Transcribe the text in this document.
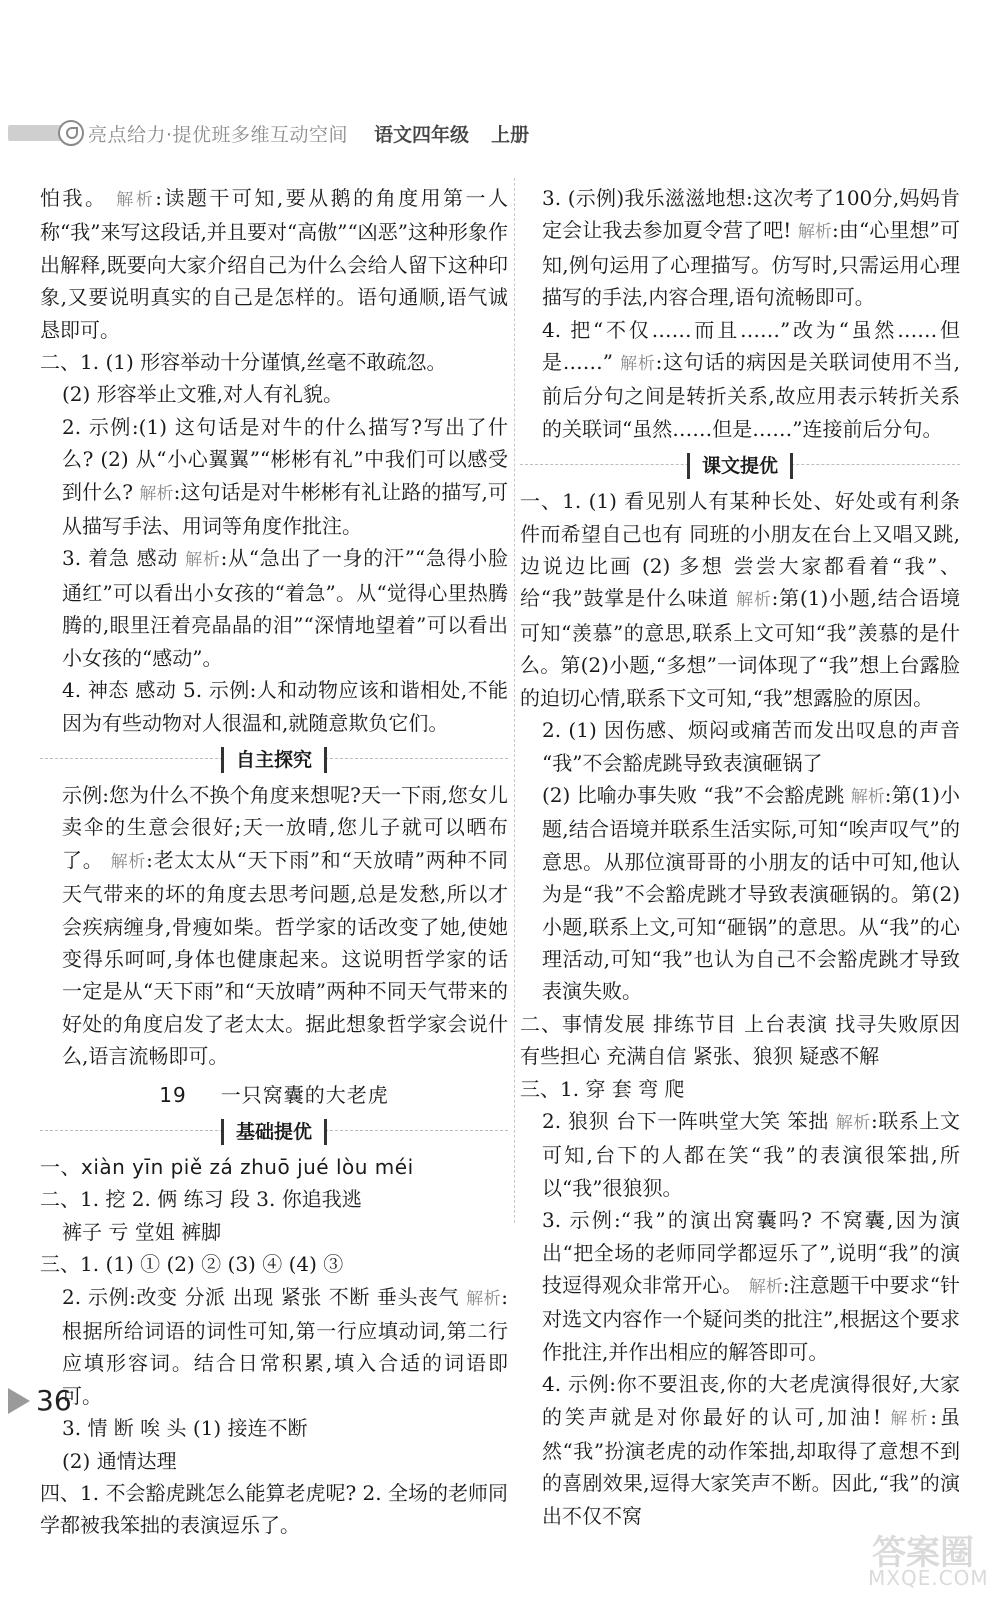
亮点给力·提优班多维互动空间 语文四年级 上册

怕我。 解析:读题干可知,要从鹅的角度用第一人称“我”来写这段话,并且要对“高傲”“凶恶”这种形象作出解释,既要向大家介绍自己为什么会给人留下这种印象,又要说明真实的自己是怎样的。语句通顺,语气诚恳即可。

二、1. (1) 形容举动十分谨慎,丝毫不敢疏忽。

(2) 形容举止文雅,对人有礼貌。

2. 示例:(1) 这句话是对牛的什么描写?写出了什么? (2) 从“小心翼翼”“彬彬有礼”中我们可以感受到什么? 解析:这句话是对牛彬彬有礼让路的描写,可从描写手法、用词等角度作批注。

3. 着急 感动 解析:从“急出了一身的汗”“急得小脸通红”可以看出小女孩的“着急”。从“觉得心里热腾腾的,眼里汪着亮晶晶的泪”“深情地望着”可以看出小女孩的“感动”。

4. 神态 感动 5. 示例:人和动物应该和谐相处,不能因为有些动物对人很温和,就随意欺负它们。

自主探究

示例:您为什么不换个角度来想呢?天一下雨,您女儿卖伞的生意会很好;天一放晴,您儿子就可以晒布了。 解析:老太太从“天下雨”和“天放晴”两种不同天气带来的坏的角度去思考问题,总是发愁,所以才会疾病缠身,骨瘦如柴。哲学家的话改变了她,使她变得乐呵呵,身体也健康起来。这说明哲学家的话一定是从“天下雨”和“天放晴”两种不同天气带来的好处的角度启发了老太太。据此想象哲学家会说什么,语言流畅即可。

19 一只窝囊的大老虎
基础提优

一、xiàn yīn piě zá zhuō jué lòu méi

二、1. 挖 2. 俩 练习 段 3. 你追我逃

裤子 亏 堂姐 裤脚

三、1. (1) ① (2) ② (3) ④ (4) ③

2. 示例:改变 分派 出现 紧张 不断 垂头丧气 解析:根据所给词语的词性可知,第一行应填动词,第二行应填形容词。结合日常积累,填入合适的词语即可。

3. 情 断 唉 头 (1) 接连不断

(2) 通情达理

四、1. 不会豁虎跳怎么能算老虎呢? 2. 全场的老师同学都被我笨拙的表演逗乐了。

3. (示例)我乐滋滋地想:这次考了100分,妈妈肯定会让我去参加夏令营了吧! 解析:由“心里想”可知,例句运用了心理描写。仿写时,只需运用心理描写的手法,内容合理,语句流畅即可。

4. 把“不仅……而且……”改为“虽然……但是……” 解析:这句话的病因是关联词使用不当,前后分句之间是转折关系,故应用表示转折关系的关联词“虽然……但是……”连接前后分句。

课文提优

一、1. (1) 看见别人有某种长处、好处或有利条件而希望自己也有 同班的小朋友在台上又唱又跳,边说边比画 (2) 多想 尝尝大家都看着“我”、给“我”鼓掌是什么味道 解析:第(1)小题,结合语境可知“羡慕”的意思,联系上文可知“我”羡慕的是什么。第(2)小题,“多想”一词体现了“我”想上台露脸的迫切心情,联系下文可知,“我”想露脸的原因。

2. (1) 因伤感、烦闷或痛苦而发出叹息的声音 “我”不会豁虎跳导致表演砸锅了

(2) 比喻办事失败 “我”不会豁虎跳 解析:第(1)小题,结合语境并联系生活实际,可知“唉声叹气”的意思。从那位演哥哥的小朋友的话中可知,他认为是“我”不会豁虎跳才导致表演砸锅的。第(2)小题,联系上文,可知“砸锅”的意思。从“我”的心理活动,可知“我”也认为自己不会豁虎跳才导致表演失败。

二、事情发展 排练节目 上台表演 找寻失败原因 有些担心 充满自信 紧张、狼狈 疑惑不解

三、1. 穿 套 弯 爬

2. 狼狈 台下一阵哄堂大笑 笨拙 解析:联系上文可知,台下的人都在笑“我”的表演很笨拙,所以“我”很狼狈。

3. 示例:“我”的演出窝囊吗? 不窝囊,因为演出“把全场的老师同学都逗乐了”,说明“我”的演技逗得观众非常开心。 解析:注意题干中要求“针对选文内容作一个疑问类的批注”,根据这个要求作批注,并作出相应的解答即可。

4. 示例:你不要沮丧,你的大老虎演得很好,大家的笑声就是对你最好的认可,加油! 解析:虽然“我”扮演老虎的动作笨拙,却取得了意想不到的喜剧效果,逗得大家笑声不断。因此,“我”的演出不仅不窝

36
答案圈
MXQE.COM
